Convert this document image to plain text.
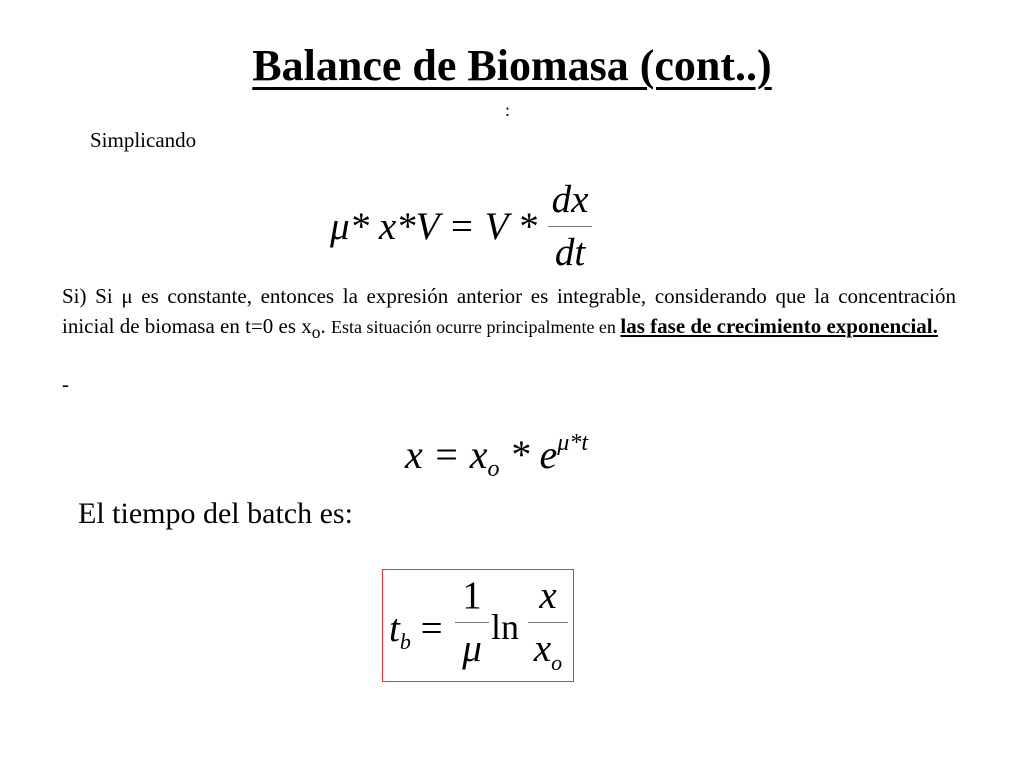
Balance de Biomasa (cont..)
:
Simplicando
μ* x*V = V *
dx
dt
Si) Si μ es constante, entonces la expresión anterior es integrable, considerando que la concentración inicial de biomasa en t=0 es $x_o$. Esta situación ocurre principalmente en las fase de crecimiento exponencial.
-
$x = x_o * e^{\mu*t}$
El tiempo del batch es:
$t_b$ =
1
μ ln
x
$x_o$
